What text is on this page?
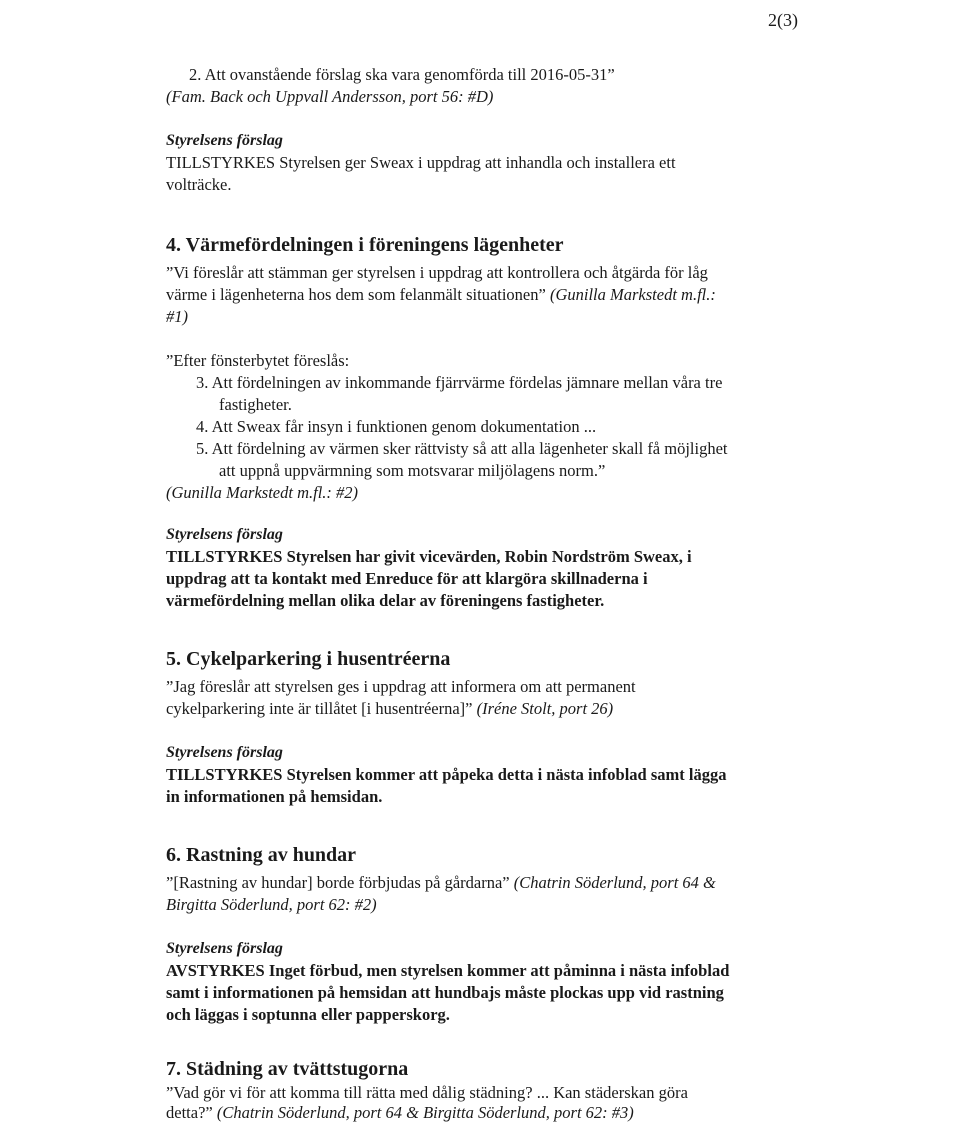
2(3)
2. Att ovanstående förslag ska vara genomförda till 2016-05-31”
(Fam. Back och Uppvall Andersson, port 56: #D)
Styrelsens förslag
TILLSTYRKES Styrelsen ger Sweax i uppdrag att inhandla och installera ett
volträcke.
4. Värmefördelningen i föreningens lägenheter
”Vi föreslår att stämman ger styrelsen i uppdrag att kontrollera och åtgärda för låg
värme i lägenheterna hos dem som felanmält situationen” (Gunilla Markstedt m.fl.:
#1)
”Efter fönsterbytet föreslås:
3. Att fördelningen av inkommande fjärrvärme fördelas jämnare mellan våra tre
fastigheter.
4. Att Sweax får insyn i funktionen genom dokumentation ...
5. Att fördelning av värmen sker rättvisty så att alla lägenheter skall få möjlighet
att uppnå uppvärmning som motsvarar miljölagens norm.”
(Gunilla Markstedt m.fl.: #2)
Styrelsens förslag
TILLSTYRKES Styrelsen har givit vicevärden, Robin Nordström Sweax, i
uppdrag att ta kontakt med Enreduce för att klargöra skillnaderna i
värmefördelning mellan olika delar av föreningens fastigheter.
5. Cykelparkering i husentréerna
”Jag föreslår att styrelsen ges i uppdrag att informera om att permanent
cykelparkering inte är tillåtet [i husentréerna]” (Iréne Stolt, port 26)
Styrelsens förslag
TILLSTYRKES Styrelsen kommer att påpeka detta i nästa infoblad samt lägga
in informationen på hemsidan.
6. Rastning av hundar
”[Rastning av hundar] borde förbjudas på gårdarna” (Chatrin Söderlund, port 64 &
Birgitta Söderlund, port 62: #2)
Styrelsens förslag
AVSTYRKES Inget förbud, men styrelsen kommer att påminna i nästa infoblad
samt i informationen på hemsidan att hundbajs måste plockas upp vid rastning
och läggas i soptunna eller papperskorg.
7. Städning av tvättstugorna
”Vad gör vi för att komma till rätta med dålig städning? ... Kan städerskan göra
detta?” (Chatrin Söderlund, port 64 & Birgitta Söderlund, port 62: #3)
